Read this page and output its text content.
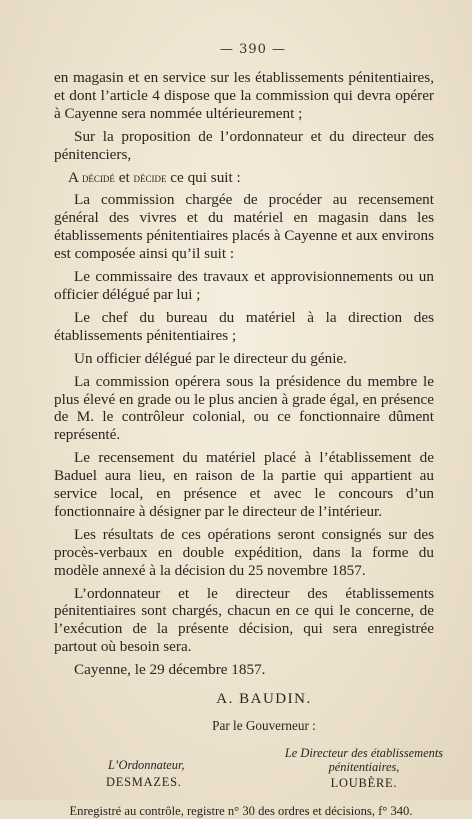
— 390 —

en magasin et en service sur les établissements pénitentiaires, et dont l’article 4 dispose que la commission qui devra opérer à Cayenne sera nommée ultérieurement ;

Sur la proposition de l’ordonnateur et du directeur des pénitenciers,

A décidé et décide ce qui suit :

La commission chargée de procéder au recensement général des vivres et du matériel en magasin dans les établissements pénitentiaires placés à Cayenne et aux environs est composée ainsi qu’il suit :

Le commissaire des travaux et approvisionnements ou un officier délégué par lui ;

Le chef du bureau du matériel à la direction des établissements pénitentiaires ;

Un officier délégué par le directeur du génie.

La commission opérera sous la présidence du membre le plus élevé en grade ou le plus ancien à grade égal, en présence de M. le contrôleur colonial, ou ce fonctionnaire dûment représenté.

Le recensement du matériel placé à l’établissement de Baduel aura lieu, en raison de la partie qui appartient au service local, en présence et avec le concours d’un fonctionnaire à désigner par le directeur de l’intérieur.

Les résultats de ces opérations seront consignés sur des procès-verbaux en double expédition, dans la forme du modèle annexé à la décision du 25 novembre 1857.

L’ordonnateur et le directeur des établissements pénitentiaires sont chargés, chacun en ce qui le concerne, de l’exécution de la présente décision, qui sera enregistrée partout où besoin sera.

Cayenne, le 29 décembre 1857.

A. BAUDIN.
Par le Gouverneur :
L’Ordonnateur,
DESMAZES.
Le Directeur des établissements
pénitentiaires,
LOUBÈRE.
Enregistré au contrôle, registre n° 30 des ordres et décisions, f° 340.
